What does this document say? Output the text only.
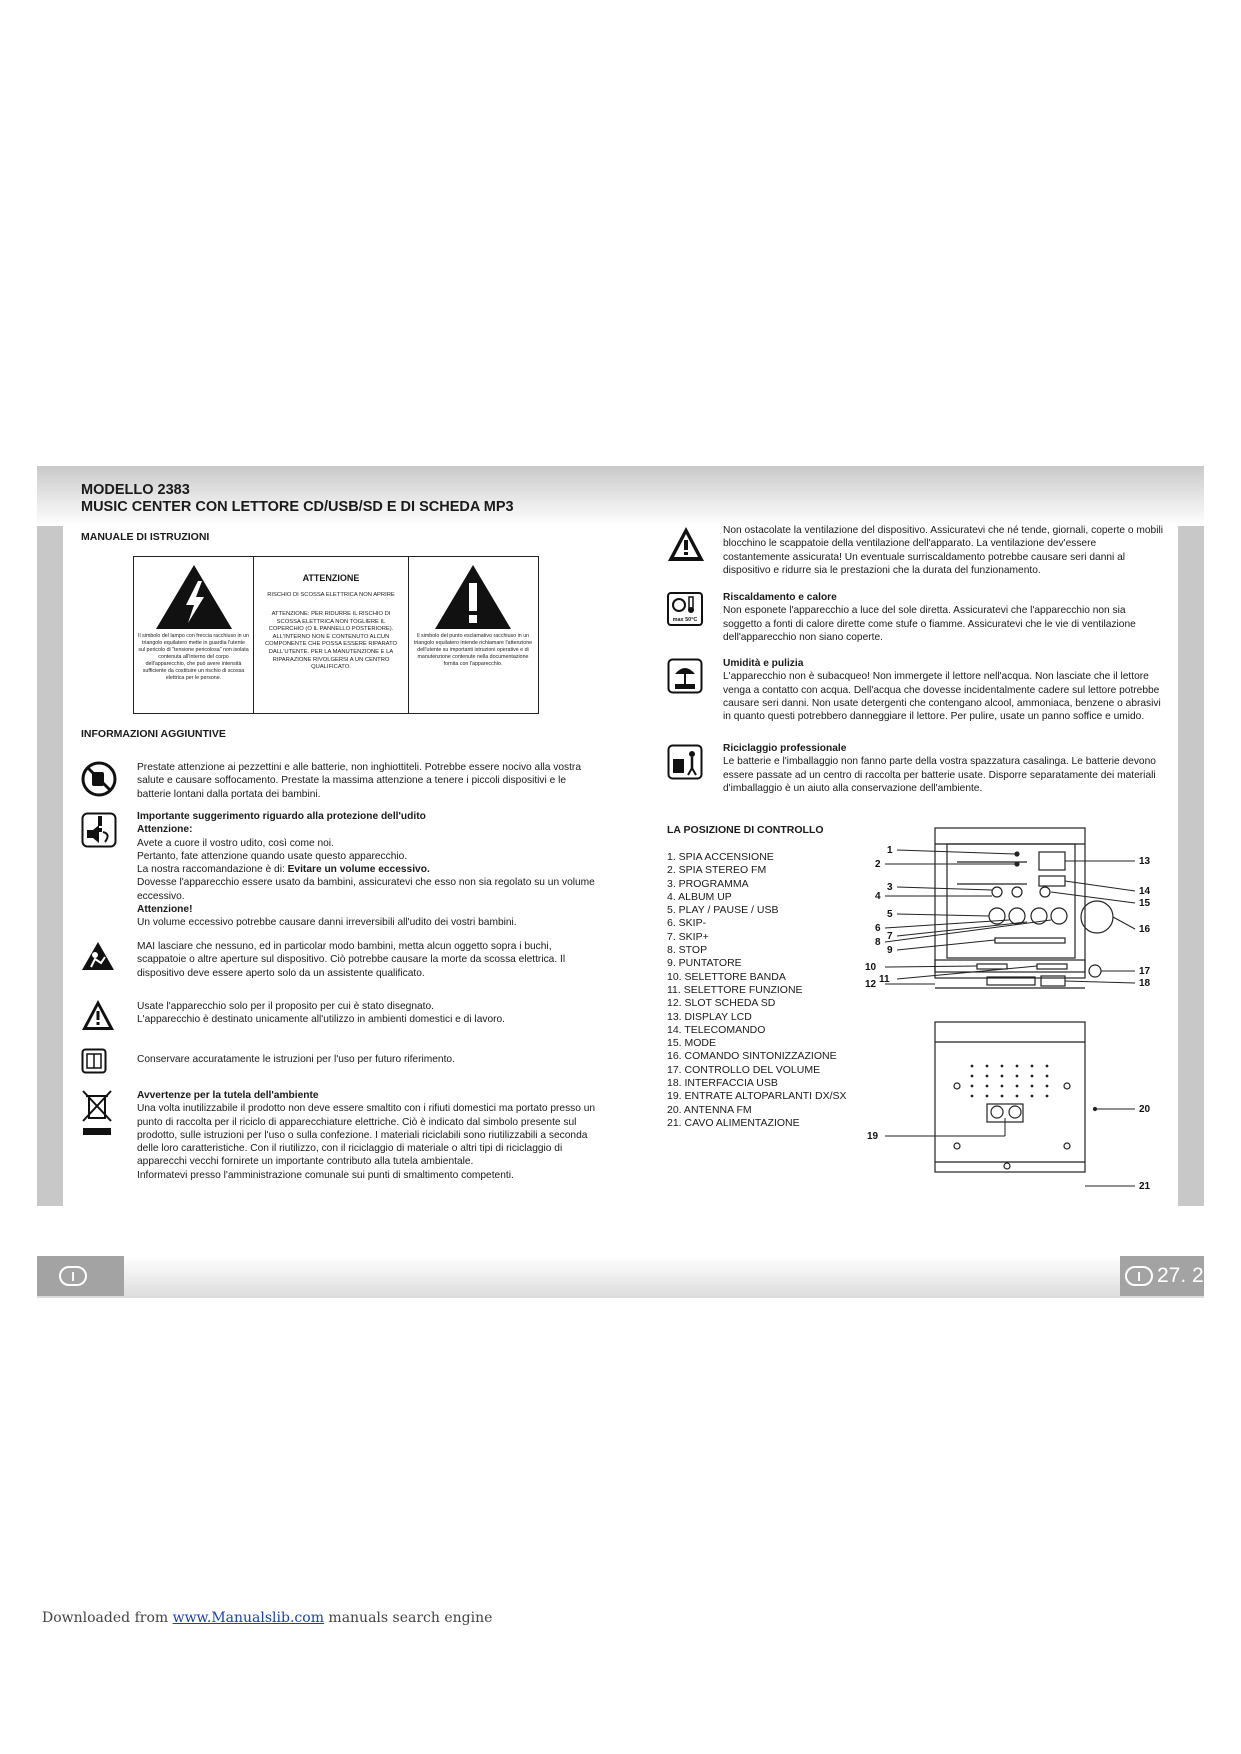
MODELLO 2383
MUSIC CENTER CON LETTORE CD/USB/SD E DI SCHEDA MP3
MANUALE DI ISTRUZIONI
Il simbolo del lampo con freccia racchiuso in un triangolo equilatero mette in guardia l'utente sul pericolo di "tensione pericolosa" non isolata contenuta all'interno del corpo dell'apparecchio, che può avere intensità sufficiente da costituire un rischio di scossa elettrica per le persone.
ATTENZIONE
RISCHIO DI SCOSSA ELETTRICA NON APRIRE
ATTENZIONE: PER RIDURRE IL RISCHIO DI SCOSSA ELETTRICA NON TOGLIERE IL COPERCHIO (O IL PANNELLO POSTERIORE). ALL'INTERNO NON È CONTENUTO ALCUN COMPONENTE CHE POSSA ESSERE RIPARATO DALL'UTENTE. PER LA MANUTENZIONE E LA RIPARAZIONE RIVOLGERSI A UN CENTRO QUALIFICATO.
Il simbolo del punto esclamativo racchiuso in un triangolo equilatero intende richiamare l'attenzione dell'utente su importanti istruzioni operative e di manutenzione contenute nella documentazione fornita con l'apparecchio.
INFORMAZIONI AGGIUNTIVE
Prestate attenzione ai pezzettini e alle batterie, non inghiottiteli. Potrebbe essere nocivo alla vostra salute e causare soffocamento. Prestate la massima attenzione a tenere i piccoli dispositivi e le batterie lontani dalla portata dei bambini.
Importante suggerimento riguardo alla protezione dell'udito
Attenzione:
Avete a cuore il vostro udito, così come noi.
Pertanto, fate attenzione quando usate questo apparecchio.
La nostra raccomandazione è di: Evitare un volume eccessivo.
Dovesse l'apparecchio essere usato da bambini, assicuratevi che esso non sia regolato su un volume eccessivo.
Attenzione!
Un volume eccessivo potrebbe causare danni irreversibili all'udito dei vostri bambini.
MAI lasciare che nessuno, ed in particolar modo bambini, metta alcun oggetto sopra i buchi, scappatoie o altre aperture sul dispositivo. Ciò potrebbe causare la morte da scossa elettrica. Il dispositivo deve essere aperto solo da un assistente qualificato.
Usate l'apparecchio solo per il proposito per cui è stato disegnato.
L'apparecchio è destinato unicamente all'utilizzo in ambienti domestici e di lavoro.
Conservare accuratamente le istruzioni per l'uso per futuro riferimento.
Avvertenze per la tutela dell'ambiente
Una volta inutilizzabile il prodotto non deve essere smaltito con i rifiuti domestici ma portato presso un punto di raccolta per il riciclo di apparecchiature elettriche. Ciò è indicato dal simbolo presente sul prodotto, sulle istruzioni per l'uso o sulla confezione. I materiali riciclabili sono riutilizzabili a seconda delle loro caratteristiche. Con il riutilizzo, con il riciclaggio di materiale o altri tipi di riciclaggio di apparecchi vecchi fornirete un importante contributo alla tutela ambientale.
Informatevi presso l'amministrazione comunale sui punti di smaltimento competenti.
Non ostacolate la ventilazione del dispositivo. Assicuratevi che né tende, giornali, coperte o mobili blocchino le scappatoie della ventilazione dell'apparato. La ventilazione dev'essere costantemente assicurata! Un eventuale surriscaldamento potrebbe causare seri danni al dispositivo e ridurre sia le prestazioni che la durata del funzionamento.
max 50°C
Riscaldamento e calore
Non esponete l'apparecchio a luce del sole diretta. Assicuratevi che l'apparecchio non sia soggetto a fonti di calore dirette come stufe o fiamme. Assicuratevi che le vie di ventilazione dell'apparecchio non siano coperte.
Umidità e pulizia
L'apparecchio non è subacqueo! Non immergete il lettore nell'acqua. Non lasciate che il lettore venga a contatto con acqua. Dell'acqua che dovesse incidentalmente cadere sul lettore potrebbe causare seri danni. Non usate detergenti che contengano alcool, ammoniaca, benzene o abrasivi in quanto questi potrebbero danneggiare il lettore. Per pulire, usate un panno soffice e umido.
Riciclaggio professionale
Le batterie e l'imballaggio non fanno parte della vostra spazzatura casalinga. Le batterie devono essere passate ad un centro di raccolta per batterie usate. Disporre separatamente dei materiali d'imballaggio è un aiuto alla conservazione dell'ambiente.
LA POSIZIONE DI CONTROLLO
1. SPIA ACCENSIONE
2. SPIA STEREO FM
3. PROGRAMMA
4. ALBUM UP
5. PLAY / PAUSE / USB
6. SKIP-
7. SKIP+
8. STOP
9. PUNTATORE
10. SELETTORE BANDA
11. SELETTORE FUNZIONE
12. SLOT SCHEDA SD
13. DISPLAY LCD
14. TELECOMANDO
15. MODE
16. COMANDO SINTONIZZAZIONE
17. CONTROLLO DEL VOLUME
18. INTERFACCIA USB
19. ENTRATE ALTOPARLANTI DX/SX
20. ANTENNA FM
21. CAVO ALIMENTAZIONE
1
2
3
4
5
6
7
8
9
10
11
12
13
14
15
16
17
18
19
20
21
I	I 27. 2
Downloaded from www.Manualslib.com manuals search engine
